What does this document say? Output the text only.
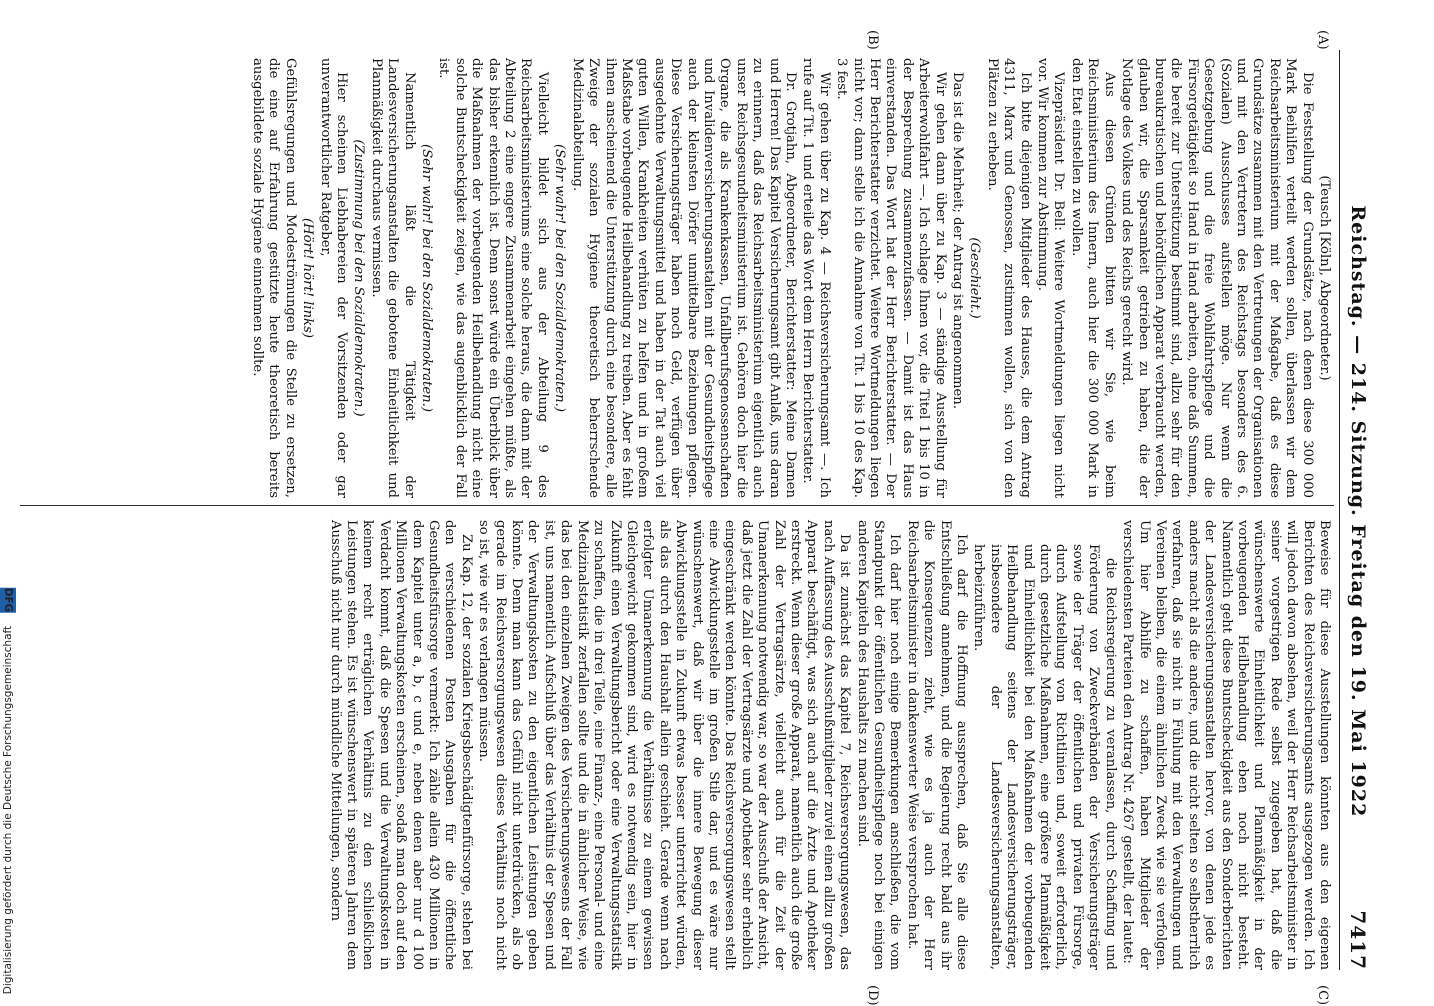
Reichstag. — 214. Sitzung. Freitag den 19. Mai 1922
7417
(A)
(B)
(C)
(D)

(Teusch [Köln], Abgeordneter.)

Die Feststellung der Grundsätze, nach denen diese 300 000 Mark Beihilfen verteilt werden sollen, überlassen wir dem Reichsarbeitsministerium mit der Maßgabe, daß es diese Grundsätze zusammen mit den Vertretungen der Organisationen und mit den Vertretern des Reichstags besonders des 6. (Sozialen) Ausschusses aufstellen möge. Nur wenn die Gesetzgebung und die freie Wohlfahrtspflege und die Fürsorgetätigkeit so Hand in Hand arbeiten, ohne daß Summen, die bereit zur Unterstützung bestimmt sind, allzu sehr für den bureaukratischen und behördlichen Apparat verbraucht werden, glauben wir, die Sparsamkeit getrieben zu haben, die der Notlage des Volkes und des Reichs gerecht wird.

Aus diesen Gründen bitten wir Sie, wie beim Reichsministerium des Innern, auch hier die 300 000 Mark in den Etat einstellen zu wollen.

Vizepräsident Dr. Bell: Weitere Wortmeldungen liegen nicht vor. Wir kommen zur Abstimmung.

Ich bitte diejenigen Mitglieder des Hauses, die dem Antrag 4311, Marx und Genossen, zustimmen wollen, sich von den Plätzen zu erheben.

(Geschieht.)

Das ist die Mehrheit; der Antrag ist angenommen.

Wir gehen dann über zu Kap. 3 — ständige Ausstellung für Arbeiterwohlfahrt —. Ich schlage Ihnen vor, die Titel 1 bis 10 in der Besprechung zusammenzufassen. — Damit ist das Haus einverstanden. Das Wort hat der Herr Berichterstatter. — Der Herr Berichterstatter verzichtet. Weitere Wortmeldungen liegen nicht vor; dann stelle ich die Annahme von Tit. 1 bis 10 des Kap. 3 fest.

Wir gehen über zu Kap. 4 — Reichsversicherungsamt —. Ich rufe auf Tit. 1 und erteile das Wort dem Herrn Berichterstatter.

Dr. Grotjahn, Abgeordneter, Berichterstatter: Meine Damen und Herren! Das Kapitel Versicherungsamt gibt Anlaß, uns daran zu erinnern, daß das Reichsarbeitsministerium eigentlich auch unser Reichsgesundheitsministerium ist. Gehören doch hier die Organe, die als Krankenkassen, Unfallberufsgenossenschaften und Invalidenversicherungsanstalten mit der Gesundheitspflege auch der kleinsten Dörfer unmittelbare Beziehungen pflegen. Diese Versicherungsträger haben noch Geld, verfügen über ausgedehnte Verwaltungsmittel und haben in der Tat auch viel guten Willen, Krankheiten verhüten zu helfen und in großem Maßstabe vorbeugende Heilbehandlung zu treiben. Aber es fehlt ihnen anscheinend die Unterstützung durch eine besondere, alle Zweige der sozialen Hygiene theoretisch beherrschende Medizinalabteilung.

(Sehr wahr! bei den Sozialdemokraten.)

Vielleicht bildet sich aus der Abteilung 9 des Reichsarbeitsministeriums eine solche heraus, die dann mit der Abteilung 2 eine engere Zusammenarbeit eingehen müßte, als das bisher erkennlich ist. Denn sonst würde ein Überblick über die Maßnahmen der vorbeugenden Heilbehandlung nicht eine solche Buntscheckigkeit zeigen, wie das augenblicklich der Fall ist.

(Sehr wahr! bei den Sozialdemokraten.)

Namentlich läßt die Tätigkeit der Landesversicherungsanstalten die gebotene Einheitlichkeit und Planmäßigkeit durchaus vermissen.

(Zustimmung bei den Sozialdemokraten.)

Hier scheinen Liebhabereien der Vorsitzenden oder gar unverantwortlicher Ratgeber,

(Hört! hört! links)

Gefühlsregungen und Modeströmungen die Stelle zu ersetzen, die eine auf Erfahrung gestützte heute theoretisch bereits ausgebildete soziale Hygiene einnehmen sollte.

Beweise für diese Ausstellungen könnten aus den eigenen Berichten des Reichsversicherungsamts ausgezogen werden. Ich will jedoch davon absehen, weil der Herr Reichsarbeitsminister in seiner vorgestrigen Rede selbst zugegeben hat, daß die wünschenswerte Einheitlichkeit und Planmäßigkeit in der vorbeugenden Heilbehandlung eben noch nicht besteht. Namentlich geht diese Buntscheckigkeit aus den Sonderberichten der Landesversicherungsanstalten hervor, von denen jede es anders macht als die andere, und die nicht selten so selbstherrlich verfahren, daß sie nicht in Fühlung mit den Verwaltungen und Vereinen bleiben, die einem ähnlichen Zweck wie sie verfolgen. Um hier Abhilfe zu schaffen, haben Mitglieder der verschiedensten Parteien den Antrag Nr. 4267 gestellt, der lautet:

die Reichsregierung zu veranlassen, durch Schaffung und Förderung von Zweckverbänden der Versicherungsträger sowie der Träger der öffentlichen und privaten Fürsorge, durch Aufstellung von Richtlinien und, soweit erforderlich, durch gesetzliche Maßnahmen, eine größere Planmäßigkeit und Einheitlichkeit bei den Maßnahmen der vorbeugenden Heilbehandlung seitens der Landesversicherungsträger, insbesondere der Landesversicherungsanstalten, herbeizuführen.

Ich darf die Hoffnung aussprechen, daß Sie alle diese Entschließung annehmen, und die Regierung recht bald aus ihr die Konsequenzen zieht, wie es ja auch der Herr Reichsarbeitsminister in dankenswerter Weise versprochen hat.

Ich darf hier noch einige Bemerkungen anschließen, die vom Standpunkt der öffentlichen Gesundheitspflege noch bei einigen anderen Kapiteln des Haushalts zu machen sind.

Da ist zunächst das Kapitel 7, Reichsversorgungswesen, das nach Auffassung des Ausschußmitglieder zuviel einen allzu großen Apparat beschäftigt, was sich auch auf die Ärzte und Apotheker erstreckt. Wenn dieser große Apparat, namentlich auch die große Zahl der Vertragsärzte, vielleicht auch für die Zeit der Umanerkennung notwendig war, so war der Ausschuß der Ansicht, daß jetzt die Zahl der Vertragsärzte und Apotheker sehr erheblich eingeschränkt werden könnte. Das Reichsversorgungswesen stellt eine Abwicklungsstelle im großen Stile dar, und es wäre nur wünschenswert, daß wir über die innere Bewegung dieser Abwicklungsstelle in Zukunft etwas besser unterrichtet würden, als das durch den Haushalt allein geschieht. Gerade wenn nach erfolgter Umanerkennung die Verhältnisse zu einem gewissen Gleichgewicht gekommen sind, wird es notwendig sein, hier in Zukunft einen Verwaltungsbericht oder eine Verwaltungsstatistik zu schaffen, die in drei Teile, eine Finanz-, eine Personal- und eine Medizinalstatistik zerfallen sollte und die in ähnlicher Weise, wie das bei den einzelnen Zweigen des Versicherungswesens der Fall ist, uns namentlich Aufschluß über das Verhältnis der Spesen und der Verwaltungskosten zu den eigentlichen Leistungen geben könnte. Denn man kann das Gefühl nicht unterdrücken, als ob gerade im Reichsversorgungswesen dieses Verhältnis noch nicht so ist, wie wir es verlangen müssen.

Zu Kap. 12, der sozialen Kriegsbeschädigtenfürsorge, stehen bei den verschiedenen Posten Ausgaben für die öffentliche Gesundheitsfürsorge vermerkt: Ich zähle allein 430 Millionen in dem Kapitel unter a, b, c und e, neben denen aber nur d 100 Millionen Verwaltungskosten erscheinen, sodaß man doch auf den Verdacht kommt, daß die Spesen und die Verwaltungskosten in keinem recht erträglichen Verhältnis zu den schließlichen Leistungen stehen. Es ist wünschenswert in späteren Jahren dem Ausschuß nicht nur durch mündliche Mitteilungen, sondern

Digitalisierung gefördert durch die Deutsche Forschungsgemeinschaft DFG
